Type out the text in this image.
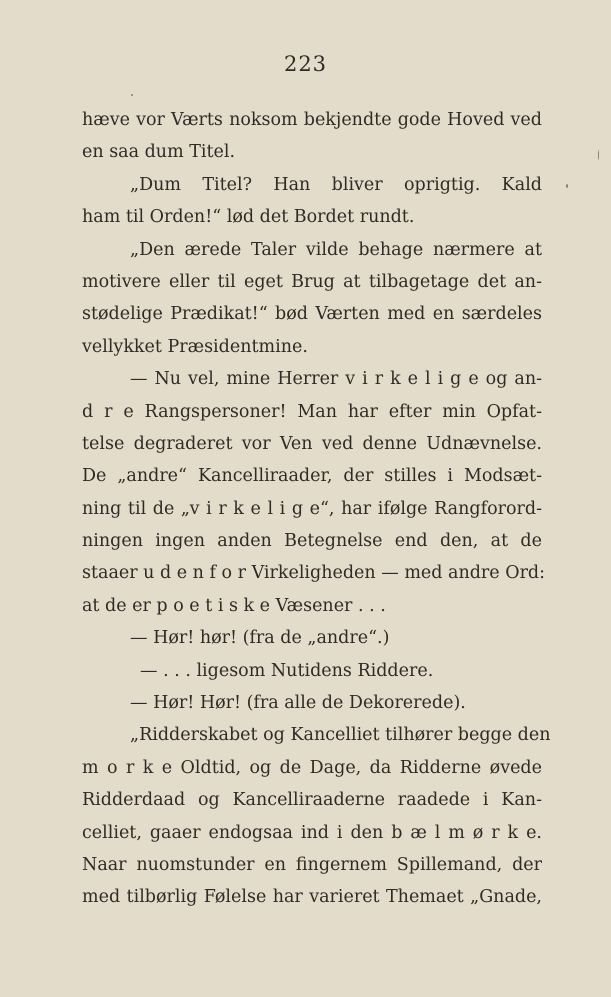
223
hæve vor Værts noksom bekjendte gode Hoved ved
en saa dum Titel.
„Dum Titel? Han bliver oprigtig. Kald
ham til Orden!“ lød det Bordet rundt.
„Den ærede Taler vilde behage nærmere at
motivere eller til eget Brug at tilbagetage det an-
stødelige Prædikat!“ bød Værten med en særdeles
vellykket Præsidentmine.
— Nu vel, mine Herrer v i r k e l i g e og an-
d r e Rangspersoner! Man har efter min Opfat-
telse degraderet vor Ven ved denne Udnævnelse.
De „andre“ Kancelliraader, der stilles i Modsæt-
ning til de „v i r k e l i g e“, har ifølge Rangforord-
ningen ingen anden Betegnelse end den, at de
staaer u d e n f o r Virkeligheden — med andre Ord:
at de er p o e t i s k e Væsener . . .
— Hør! hør! (fra de „andre“.)
— . . . ligesom Nutidens Riddere.
— Hør! Hør! (fra alle de Dekorerede).
„Ridderskabet og Kancelliet tilhører begge den
m o r k e Oldtid, og de Dage, da Ridderne øvede
Ridderdaad og Kancelliraaderne raadede i Kan-
celliet, gaaer endogsaa ind i den b æ l m ø r k e.
Naar nuomstunder en fingernem Spillemand, der
med tilbørlig Følelse har varieret Themaet „Gnade,
